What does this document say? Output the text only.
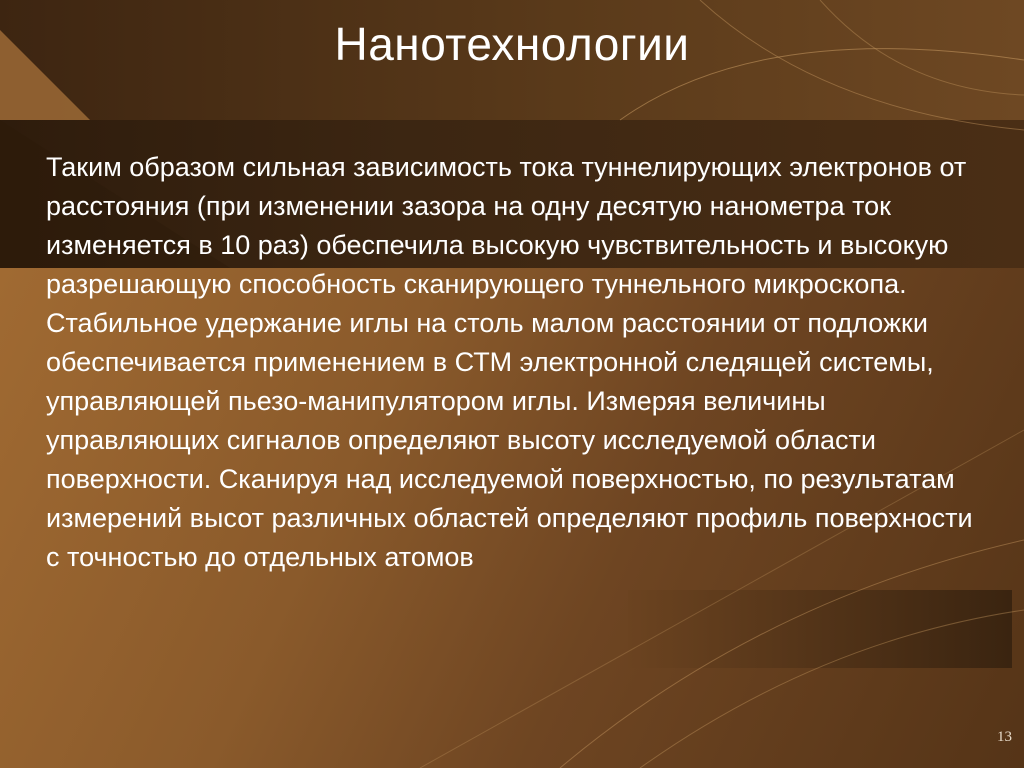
Нанотехнологии

Таким образом сильная зависимость тока туннелирующих электронов от расстояния (при изменении зазора на одну десятую нанометра ток изменяется в 10 раз) обеспечила высокую чувствительность и высокую разрешающую способность сканирующего туннельного микроскопа. Стабильное удержание иглы на столь малом расстоянии от подложки обеспечивается применением в СТМ электронной следящей системы, управляющей пьезо-манипулятором иглы. Измеряя величины управляющих сигналов определяют высоту исследуемой области поверхности. Сканируя над исследуемой поверхностью, по результатам измерений высот различных областей определяют профиль поверхности с точностью до отдельных атомов

13
